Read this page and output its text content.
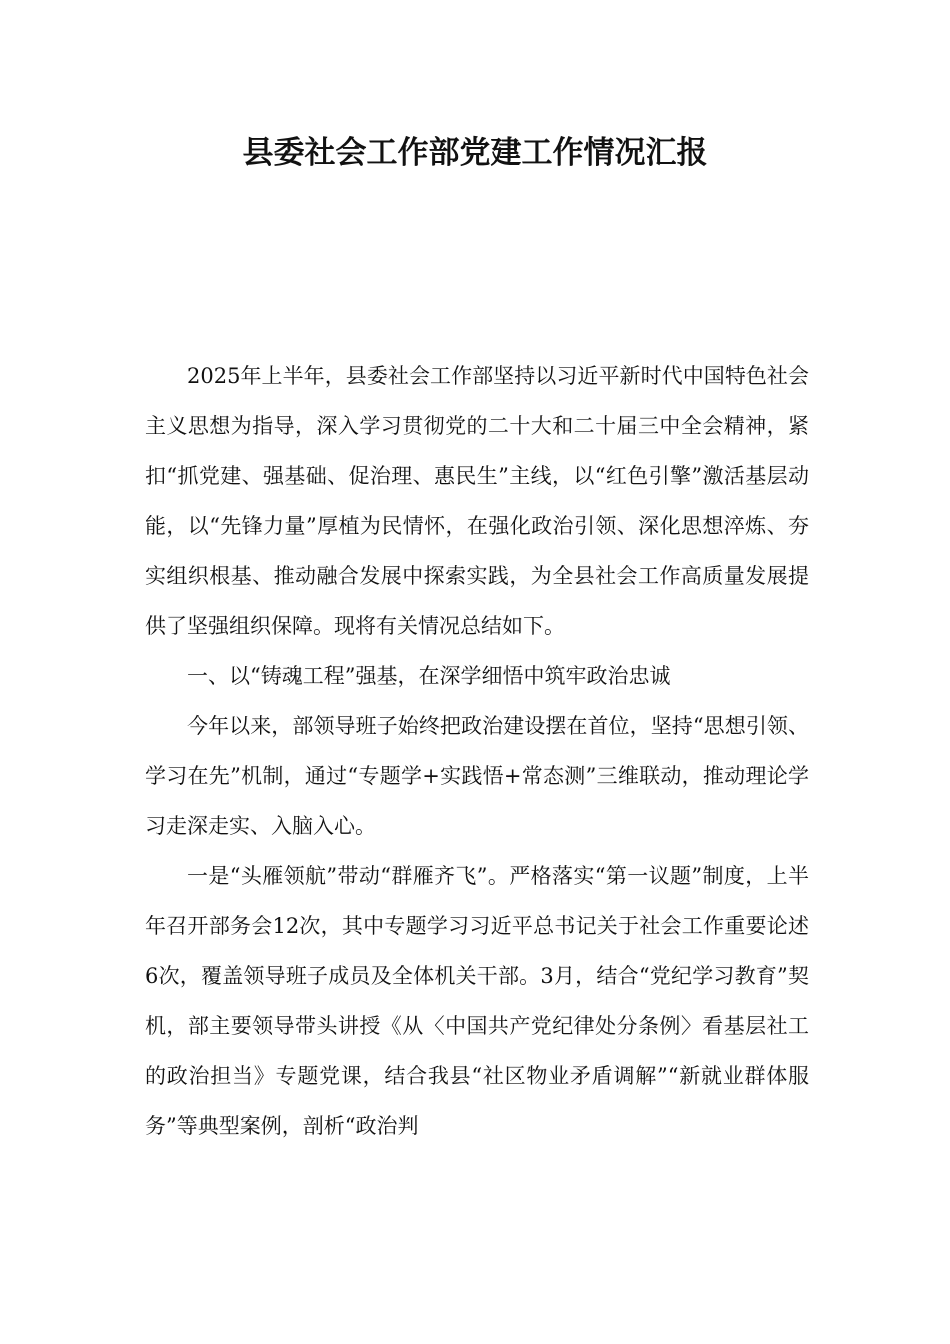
县委社会工作部党建工作情况汇报

2025年上半年，县委社会工作部坚持以习近平新时代中国特色社会主义思想为指导，深入学习贯彻党的二十大和二十届三中全会精神，紧扣“抓党建、强基础、促治理、惠民生”主线，以“红色引擎”激活基层动能，以“先锋力量”厚植为民情怀，在强化政治引领、深化思想淬炼、夯实组织根基、推动融合发展中探索实践，为全县社会工作高质量发展提供了坚强组织保障。现将有关情况总结如下。

一、以“铸魂工程”强基，在深学细悟中筑牢政治忠诚

今年以来，部领导班子始终把政治建设摆在首位，坚持“思想引领、学习在先”机制，通过“专题学+实践悟+常态测”三维联动，推动理论学习走深走实、入脑入心。

一是“头雁领航”带动“群雁齐飞”。严格落实“第一议题”制度，上半年召开部务会12次，其中专题学习习近平总书记关于社会工作重要论述6次，覆盖领导班子成员及全体机关干部。3月，结合“党纪学习教育”契机，部主要领导带头讲授《从〈中国共产党纪律处分条例〉看基层社工的政治担当》专题党课，结合我县“社区物业矛盾调解”“新就业群体服务”等典型案例，剖析“政治判
